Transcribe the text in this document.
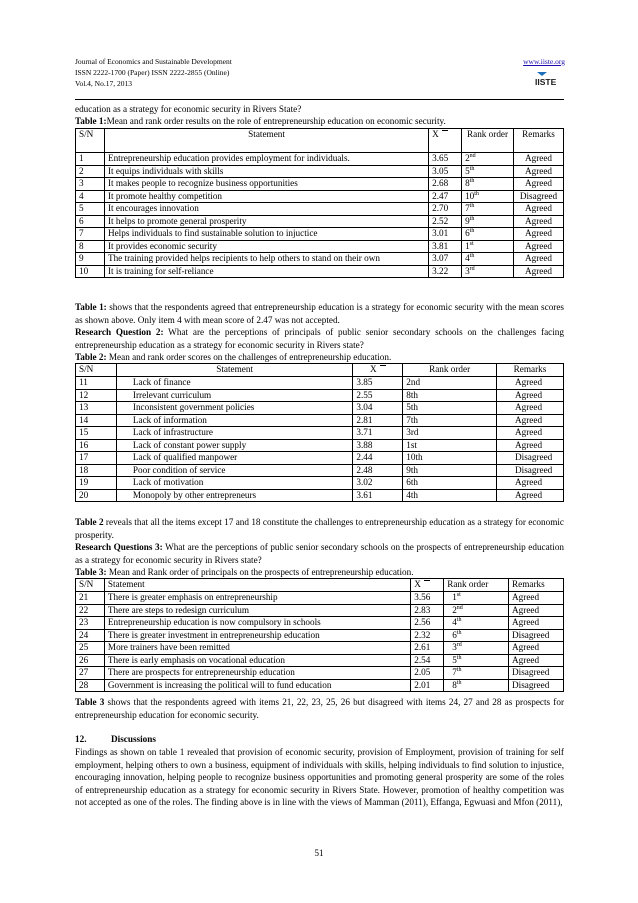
Journal of Economics and Sustainable Development
ISSN 2222-1700 (Paper) ISSN 2222-2855 (Online)
Vol.4, No.17, 2013
www.iiste.org
IISTE

education as a strategy for economic security in Rivers State?

Table 1:Mean and rank order results on the role of entrepreneurship education on economic security.

S/N	Statement	X	Rank order	Remarks
1	Entrepreneurship education provides employment for individuals.	3.65	2nd	Agreed
2	It equips individuals with skills	3.05	5th	Agreed
3	It makes people to recognize business opportunities	2.68	8th	Agreed
4	It promote healthy competition	2.47	10th	Disagreed
5	It encourages innovation	2.70	7th	Agreed
6	It helps to promote general prosperity	2.52	9th	Agreed
7	Helps individuals to find sustainable solution to injuctice	3.01	6th	Agreed
8	It provides economic security	3.81	1st	Agreed
9	The training provided helps recipients to help others to stand on their own	3.07	4th	Agreed
10	It is training for self-reliance	3.22	3rd	Agreed

Table 1: shows that the respondents agreed that entrepreneurship education is a strategy for economic security with the mean scores as shown above. Only item 4 with mean score of 2.47 was not accepted.

Research Question 2: What are the perceptions of principals of public senior secondary schools on the challenges facing entrepreneurship education as a strategy for economic security in Rivers state?

Table 2: Mean and rank order scores on the challenges of entrepreneurship education.

S/N	Statement	X	Rank order	Remarks
11	Lack of finance	3.85	2nd	Agreed
12	Irrelevant curriculum	2.55	8th	Agreed
13	Inconsistent government policies	3.04	5th	Agreed
14	Lack of information	2.81	7th	Agreed
15	Lack of infrastructure	3.71	3rd	Agreed
16	Lack of constant power supply	3.88	1st	Agreed
17	Lack of qualified manpower	2.44	10th	Disagreed
18	Poor condition of service	2.48	9th	Disagreed
19	Lack of motivation	3.02	6th	Agreed
20	Monopoly by other entrepreneurs	3.61	4th	Agreed

Table 2 reveals that all the items except 17 and 18 constitute the challenges to entrepreneurship education as a strategy for economic prosperity.

Research Questions 3: What are the perceptions of public senior secondary schools on the prospects of entrepreneurship education as a strategy for economic security in Rivers state?

Table 3: Mean and Rank order of principals on the prospects of entrepreneurship education.

S/N	Statement	X	Rank order	Remarks
21	There is greater emphasis on entrepreneurship	3.56	1st	Agreed
22	There are steps to redesign curriculum	2.83	2nd	Agreed
23	Entrepreneurship education is now compulsory in schools	2.56	4th	Agreed
24	There is greater investment in entrepreneurship education	2.32	6th	Disagreed
25	More trainers have been remitted	2.61	3rd	Agreed
26	There is early emphasis on vocational education	2.54	5th	Agreed
27	There are prospects for entrepreneurship education	2.05	7th	Disagreed
28	Government is increasing the political will to fund education	2.01	8th	Disagreed

Table 3 shows that the respondents agreed with items 21, 22, 23, 25, 26 but disagreed with items 24, 27 and 28 as prospects for entrepreneurship education for economic security.

12.	Discussions

Findings as shown on table 1 revealed that provision of economic security, provision of Employment, provision of training for self employment, helping others to own a business, equipment of individuals with skills, helping individuals to find solution to injustice, encouraging innovation, helping people to recognize business opportunities and promoting general prosperity are some of the roles of entrepreneurship education as a strategy for economic security in Rivers State. However, promotion of healthy competition was not accepted as one of the roles. The finding above is in line with the views of Mamman (2011), Effanga, Egwuasi and Mfon (2011),

51
